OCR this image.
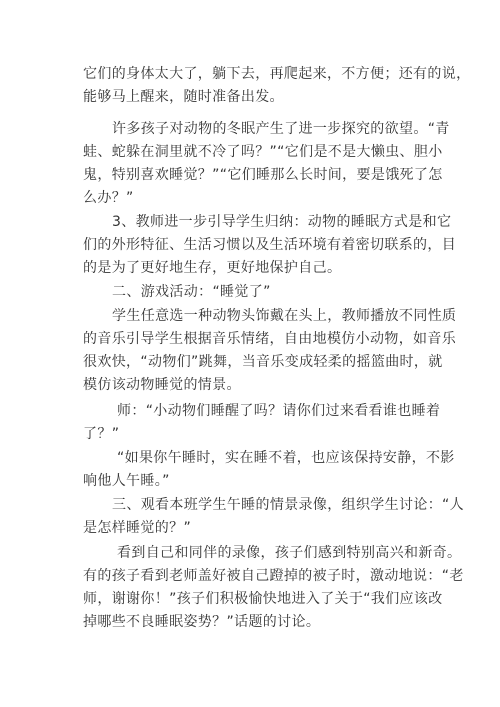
它们的身体太大了，躺下去，再爬起来，不方便；还有的说，
能够马上醒来，随时准备出发。
许多孩子对动物的冬眠产生了进一步探究的欲望。“青
蛙、蛇躲在洞里就不冷了吗？”“它们是不是大懒虫、胆小
鬼，特别喜欢睡觉？”“它们睡那么长时间，要是饿死了怎
么办？”
3、教师进一步引导学生归纳：动物的睡眠方式是和它
们的外形特征、生活习惯以及生活环境有着密切联系的，目
的是为了更好地生存，更好地保护自己。
二、游戏活动：“睡觉了”
学生任意选一种动物头饰戴在头上，教师播放不同性质
的音乐引导学生根据音乐情绪，自由地模仿小动物，如音乐
很欢快，“动物们”跳舞，当音乐变成轻柔的摇篮曲时，就
模仿该动物睡觉的情景。
师：“小动物们睡醒了吗？请你们过来看看谁也睡着
了？”
“如果你午睡时，实在睡不着，也应该保持安静，不影
响他人午睡。”
三、观看本班学生午睡的情景录像，组织学生讨论：“人
是怎样睡觉的？”
看到自己和同伴的录像，孩子们感到特别高兴和新奇。
有的孩子看到老师盖好被自己蹬掉的被子时，激动地说：“老
师，谢谢你！”孩子们积极愉快地进入了关于“我们应该改
掉哪些不良睡眠姿势？”话题的讨论。
